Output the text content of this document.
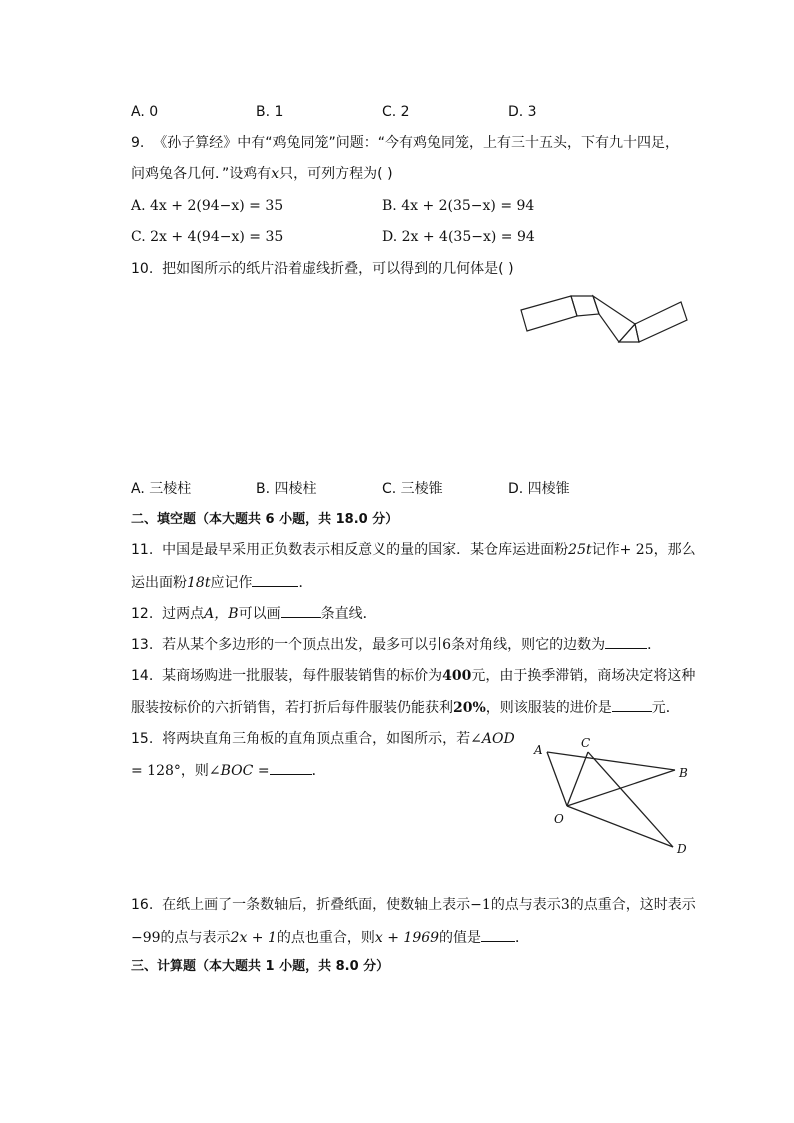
A. 0	B. 1	C. 2	D. 3
9. 《孙子算经》中有“鸡兔同笼”问题：“今有鸡兔同笼，上有三十五头，下有九十四足，
问鸡兔各几何．”设鸡有x只，可列方程为( )
A. 4x + 2(94−x) = 35	B. 4x + 2(35−x) = 94
C. 2x + 4(94−x) = 35	D. 2x + 4(35−x) = 94
10. 把如图所示的纸片沿着虚线折叠，可以得到的几何体是( )
A. 三棱柱	B. 四棱柱	C. 三棱锥	D. 四棱锥
二、填空题（本大题共 6 小题，共 18.0 分）
11. 中国是最早采用正负数表示相反意义的量的国家．某仓库运进面粉25t记作+ 25，那么
运出面粉18t应记作	．
12. 过两点A，B可以画	条直线．
13. 若从某个多边形的一个顶点出发，最多可以引6条对角线，则它的边数为	．
14. 某商场购进一批服装，每件服装销售的标价为400元，由于换季滞销，商场决定将这种
服装按标价的六折销售，若打折后每件服装仍能获利20%，则该服装的进价是	元．
15. 将两块直角三角板的直角顶点重合，如图所示，若∠AOD
= 128°，则∠BOC =	．
A	C
B
O
D
16. 在纸上画了一条数轴后，折叠纸面，使数轴上表示−1的点与表示3的点重合，这时表示
−99的点与表示2x + 1的点也重合，则x + 1969的值是 ．
三、计算题（本大题共 1 小题，共 8.0 分）
